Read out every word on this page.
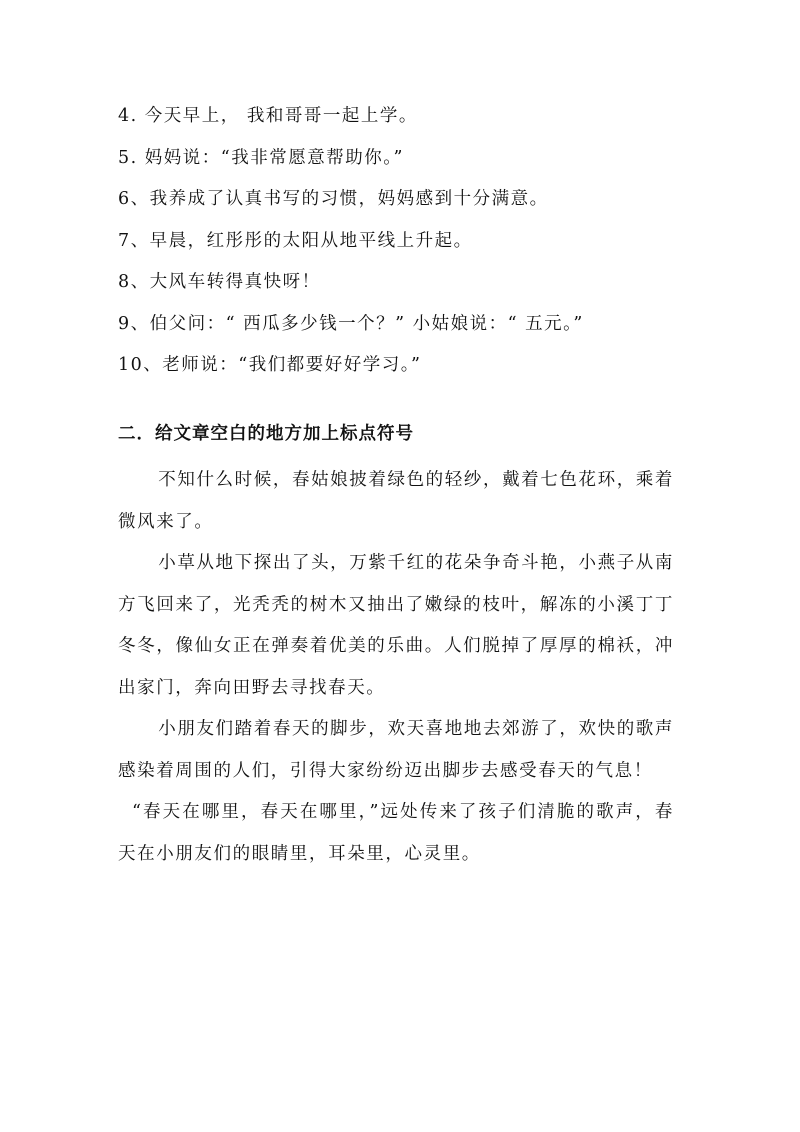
4. 今天早上， 我和哥哥一起上学。
5. 妈妈说：“我非常愿意帮助你。”
6、我养成了认真书写的习惯，妈妈感到十分满意。
7、早晨，红彤彤的太阳从地平线上升起。
8、大风车转得真快呀！
9、伯父问：“ 西瓜多少钱一个？” 小姑娘说：“ 五元。”
10、老师说：“我们都要好好学习。”
二．给文章空白的地方加上标点符号

不知什么时候，春姑娘披着绿色的轻纱，戴着七色花环，乘着微风来了。

小草从地下探出了头，万紫千红的花朵争奇斗艳，小燕子从南方飞回来了，光秃秃的树木又抽出了嫩绿的枝叶，解冻的小溪丁丁冬冬，像仙女正在弹奏着优美的乐曲。人们脱掉了厚厚的棉袄，冲出家门，奔向田野去寻找春天。

小朋友们踏着春天的脚步，欢天喜地地去郊游了，欢快的歌声感染着周围的人们，引得大家纷纷迈出脚步去感受春天的气息！

“春天在哪里，春天在哪里，”远处传来了孩子们清脆的歌声，春天在小朋友们的眼睛里，耳朵里，心灵里。
